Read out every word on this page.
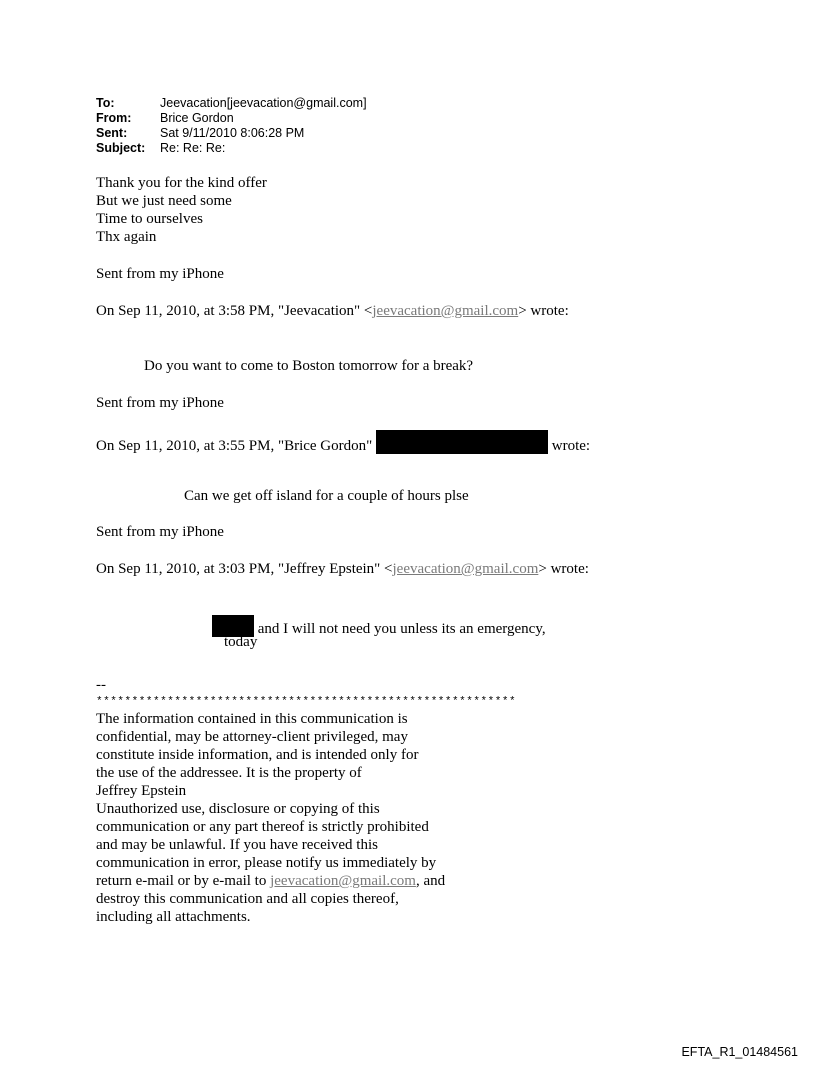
To:	Jeevacation[jeevacation@gmail.com]
From:	Brice Gordon
Sent:	Sat 9/11/2010 8:06:28 PM
Subject:	Re: Re: Re:
Thank you for the kind offer
But we just need some
Time to ourselves
Thx again
Sent from my iPhone
On Sep 11, 2010, at 3:58 PM, "Jeevacation" <jeevacation@gmail.com> wrote:
Do you want to come to Boston tomorrow for a break?
Sent from my iPhone
On Sep 11, 2010, at 3:55 PM, "Brice Gordon"	wrote:
Can we get off island for a couple of hours plse
Sent from my iPhone
On Sep 11, 2010, at 3:03 PM, "Jeffrey Epstein" <jeevacation@gmail.com> wrote:
and I will not need you unless its an emergency,
today
--
***********************************************************
The information contained in this communication is
confidential, may be attorney-client privileged, may
constitute inside information, and is intended only for
the use of the addressee. It is the property of
Jeffrey Epstein
Unauthorized use, disclosure or copying of this
communication or any part thereof is strictly prohibited
and may be unlawful. If you have received this
communication in error, please notify us immediately by
return e-mail or by e-mail to jeevacation@gmail.com, and
destroy this communication and all copies thereof,
including all attachments.
EFTA_R1_01484561
